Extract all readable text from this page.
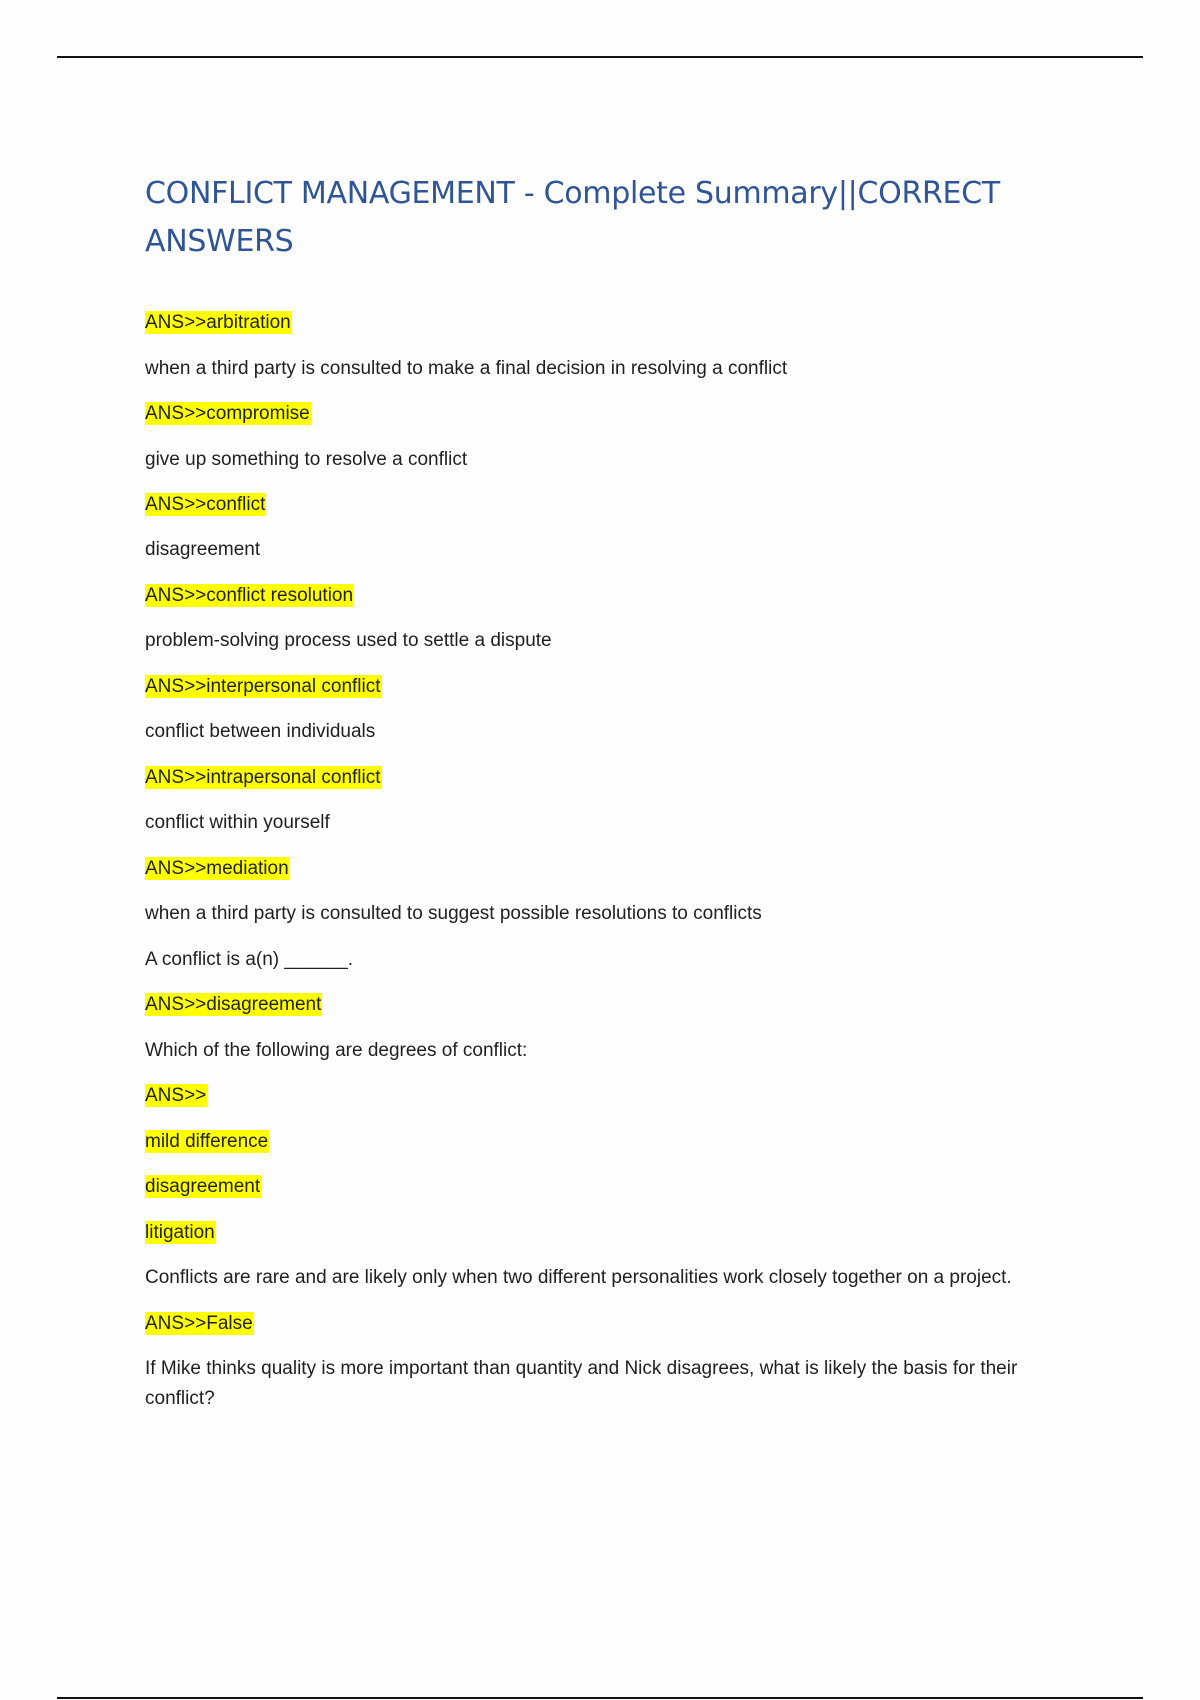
CONFLICT MANAGEMENT - Complete Summary||CORRECT ANSWERS
ANS>>arbitration
when a third party is consulted to make a final decision in resolving a conflict
ANS>>compromise
give up something to resolve a conflict
ANS>>conflict
disagreement
ANS>>conflict resolution
problem-solving process used to settle a dispute
ANS>>interpersonal conflict
conflict between individuals
ANS>>intrapersonal conflict
conflict within yourself
ANS>>mediation
when a third party is consulted to suggest possible resolutions to conflicts
A conflict is a(n) ______.
ANS>>disagreement
Which of the following are degrees of conflict:
ANS>>
mild difference
disagreement
litigation
Conflicts are rare and are likely only when two different personalities work closely together on a project.
ANS>>False
If Mike thinks quality is more important than quantity and Nick disagrees, what is likely the basis for their conflict?
